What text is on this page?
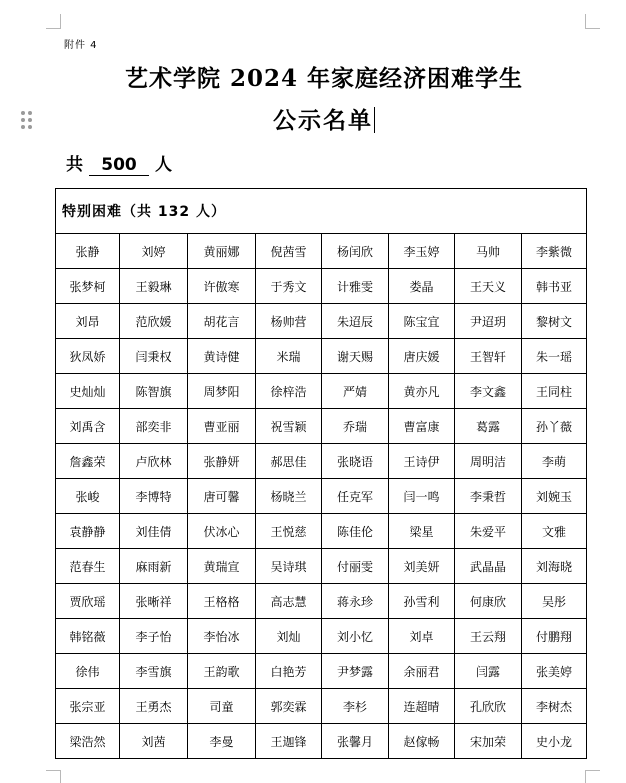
附件 4
艺术学院 2024 年家庭经济困难学生
公示名单
共 500 人
特别困难（共 132 人）							
张静	刘婷	黄丽娜	倪茜雪	杨闰欣	李玉婷	马帅	李紫微
张梦柯	王毅琳	许傲寒	于秀文	计雅雯	娄晶	王天义	韩书亚
刘昂	范欣媛	胡花言	杨帅营	朱迢辰	陈宝宜	尹迢玥	黎树文
狄凤娇	闫秉权	黄诗健	米瑞	谢天赐	唐庆媛	王智轩	朱一瑶
史灿灿	陈智旗	周梦阳	徐梓浩	严婧	黄亦凡	李文鑫	王同柱
刘禹含	部奕非	曹亚丽	祝雪颖	乔瑞	曹富康	葛露	孙丫薇
詹鑫荣	卢欣林	张静妍	郝思佳	张晓语	王诗伊	周明洁	李萌
张峻	李博特	唐可馨	杨晓兰	任克军	闫一鸣	李秉哲	刘婉玉
袁静静	刘佳倩	伏冰心	王悦慈	陈佳伦	梁星	朱爱平	文雅
范春生	麻雨新	黄瑞宣	吴诗琪	付丽雯	刘美妍	武晶晶	刘海晓
贾欣瑶	张晰祥	王格格	高志慧	蒋永珍	孙雪利	何康欣	吴彤
韩铭薇	李子怡	李怡冰	刘灿	刘小忆	刘卓	王云翔	付鹏翔
徐伟	李雪旗	王韵歌	白艳芳	尹梦露	余丽君	闫露	张美婷
张宗亚	王勇杰	司童	郭奕霖	李杉	连超晴	孔欣欣	李树杰
梁浩然	刘茜	李曼	王迦锋	张馨月	赵傢畅	宋加荣	史小龙
